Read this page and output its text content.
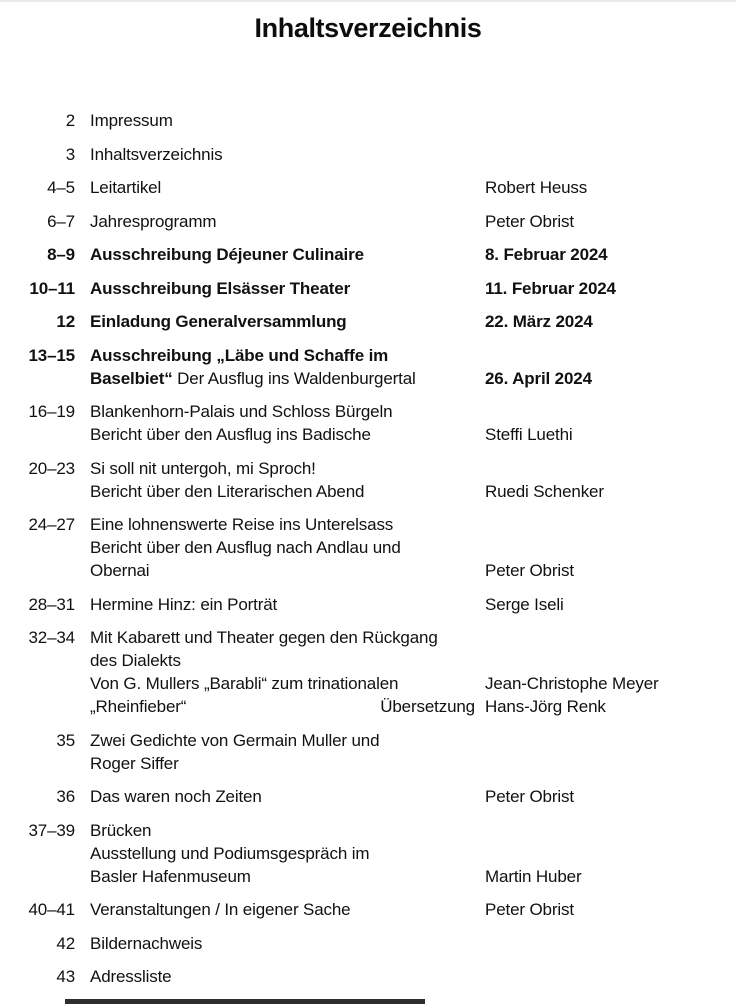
Inhaltsverzeichnis
2 Impressum

3 Inhaltsverzeichnis

4–5 Leitartikel	Robert Heuss
6–7 Jahresprogramm	Peter Obrist
8–9 Ausschreibung Déjeuner Culinaire	8. Februar 2024
10–11 Ausschreibung Elsässer Theater	11. Februar 2024
12 Einladung Generalversammlung	22. März 2024
13–15 Ausschreibung „Läbe und Schaffe im

Baselbiet“ Der Ausflug ins Waldenburgertal	26. April 2024
16–19 Blankenhorn-Palais und Schloss Bürgeln

Bericht über den Ausflug ins Badische	Steffi Luethi
20–23 Si soll nit untergoh, mi Sproch!

Bericht über den Literarischen Abend	Ruedi Schenker
24–27 Eine lohnenswerte Reise ins Unterelsass

Bericht über den Ausflug nach Andlau und

Obernai	Peter Obrist
28–31 Hermine Hinz: ein Porträt	Serge Iseli
32–34 Mit Kabarett und Theater gegen den Rückgang

des Dialekts

Von G. Mullers „Barabli“ zum trinationalen	Jean-Christophe Meyer

„Rheinfieber“	Übersetzung Hans-Jörg Renk
35 Zwei Gedichte von Germain Muller und

Roger Siffer

36 Das waren noch Zeiten	Peter Obrist
37–39 Brücken

Ausstellung und Podiumsgespräch im

Basler Hafenmuseum	Martin Huber
40–41 Veranstaltungen / In eigener Sache	Peter Obrist
42 Bildernachweis

43 Adressliste
